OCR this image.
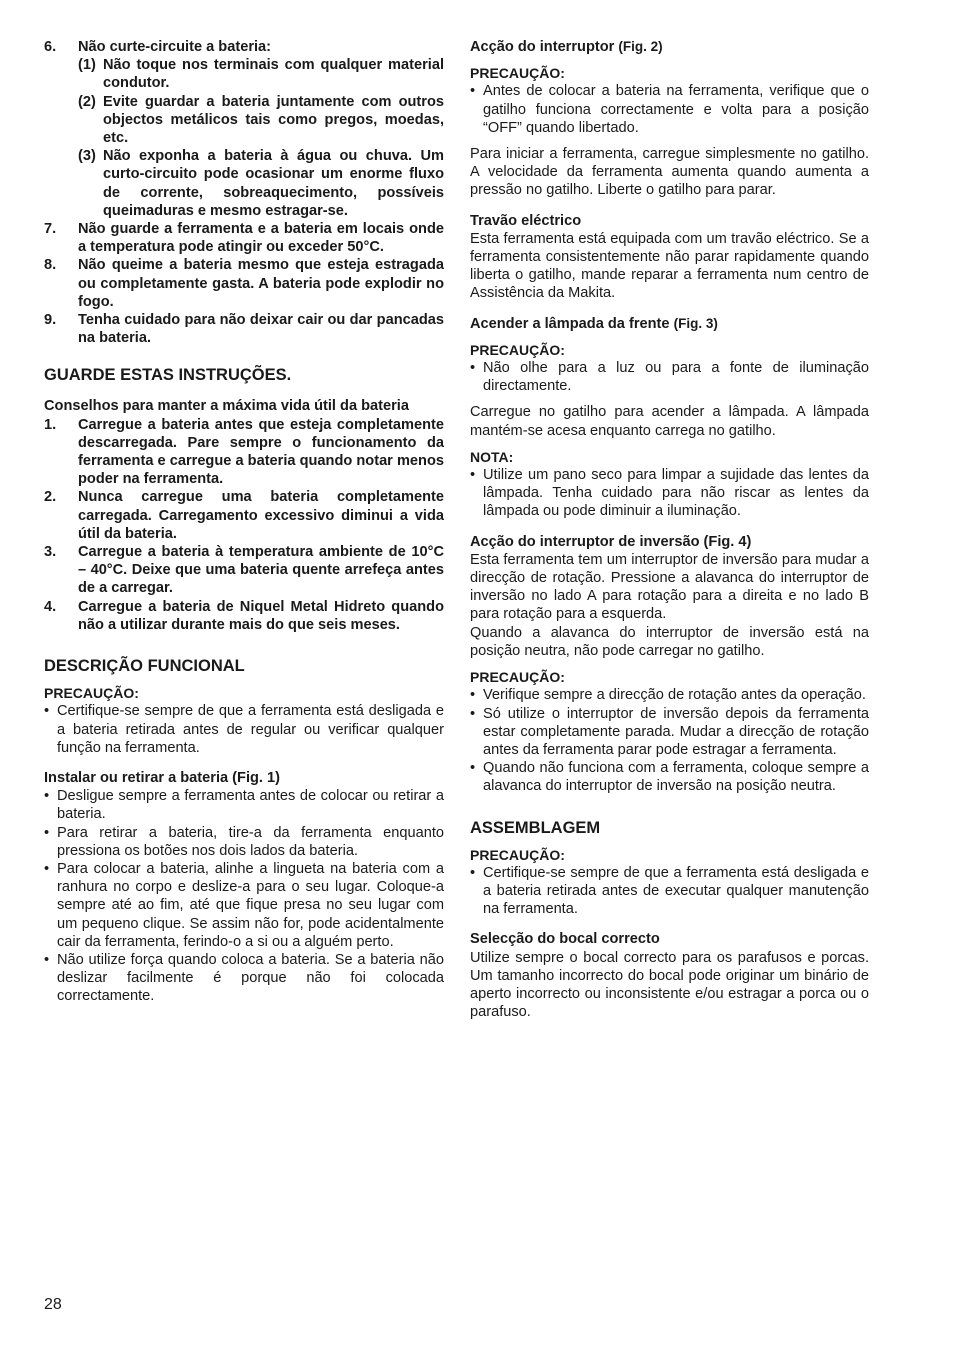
6.	Não curte-circuite a bateria:
(1) Não toque nos terminais com qualquer material condutor.
(2) Evite guardar a bateria juntamente com outros objectos metálicos tais como pregos, moedas, etc.
(3) Não exponha a bateria à água ou chuva. Um curto-circuito pode ocasionar um enorme fluxo de corrente, sobreaquecimento, possíveis queimaduras e mesmo estragar-se.
7.	Não guarde a ferramenta e a bateria em locais onde a temperatura pode atingir ou exceder 50°C.
8.	Não queime a bateria mesmo que esteja estragada ou completamente gasta. A bateria pode explodir no fogo.
9.	Tenha cuidado para não deixar cair ou dar pancadas na bateria.

GUARDE ESTAS INSTRUÇÕES.

Conselhos para manter a máxima vida útil da bateria

1.	Carregue a bateria antes que esteja completamente descarregada. Pare sempre o funcionamento da ferramenta e carregue a bateria quando notar menos poder na ferramenta.
2.	Nunca carregue uma bateria completamente carregada. Carregamento excessivo diminui a vida útil da bateria.
3.	Carregue a bateria à temperatura ambiente de 10°C – 40°C. Deixe que uma bateria quente arrefeça antes de a carregar.
4.	Carregue a bateria de Niquel Metal Hidreto quando não a utilizar durante mais do que seis meses.

DESCRIÇÃO FUNCIONAL

PRECAUÇÃO:

• Certifique-se sempre de que a ferramenta está desligada e a bateria retirada antes de regular ou verificar qualquer função na ferramenta.

Instalar ou retirar a bateria (Fig. 1)

• Desligue sempre a ferramenta antes de colocar ou retirar a bateria.
• Para retirar a bateria, tire-a da ferramenta enquanto pressiona os botões nos dois lados da bateria.
• Para colocar a bateria, alinhe a lingueta na bateria com a ranhura no corpo e deslize-a para o seu lugar. Coloque-a sempre até ao fim, até que fique presa no seu lugar com um pequeno clique. Se assim não for, pode acidentalmente cair da ferramenta, ferindo-o a si ou a alguém perto.
• Não utilize força quando coloca a bateria. Se a bateria não deslizar facilmente é porque não foi colocada correctamente.

Acção do interruptor (Fig. 2)

PRECAUÇÃO:

• Antes de colocar a bateria na ferramenta, verifique que o gatilho funciona correctamente e volta para a posição “OFF” quando libertado.

Para iniciar a ferramenta, carregue simplesmente no gatilho. A velocidade da ferramenta aumenta quando aumenta a pressão no gatilho. Liberte o gatilho para parar.

Travão eléctrico

Esta ferramenta está equipada com um travão eléctrico. Se a ferramenta consistentemente não parar rapidamente quando liberta o gatilho, mande reparar a ferramenta num centro de Assistência da Makita.

Acender a lâmpada da frente (Fig. 3)

PRECAUÇÃO:

• Não olhe para a luz ou para a fonte de iluminação directamente.

Carregue no gatilho para acender a lâmpada. A lâmpada mantém-se acesa enquanto carrega no gatilho.

NOTA:

• Utilize um pano seco para limpar a sujidade das lentes da lâmpada. Tenha cuidado para não riscar as lentes da lâmpada ou pode diminuir a iluminação.

Acção do interruptor de inversão (Fig. 4)

Esta ferramenta tem um interruptor de inversão para mudar a direcção de rotação. Pressione a alavanca do interruptor de inversão no lado A para rotação para a direita e no lado B para rotação para a esquerda.

Quando a alavanca do interruptor de inversão está na posição neutra, não pode carregar no gatilho.

PRECAUÇÃO:

• Verifique sempre a direcção de rotação antes da operação.
• Só utilize o interruptor de inversão depois da ferramenta estar completamente parada. Mudar a direcção de rotação antes da ferramenta parar pode estragar a ferramenta.
• Quando não funciona com a ferramenta, coloque sempre a alavanca do interruptor de inversão na posição neutra.

ASSEMBLAGEM

PRECAUÇÃO:

• Certifique-se sempre de que a ferramenta está desligada e a bateria retirada antes de executar qualquer manutenção na ferramenta.

Selecção do bocal correcto

Utilize sempre o bocal correcto para os parafusos e porcas. Um tamanho incorrecto do bocal pode originar um binário de aperto incorrecto ou inconsistente e/ou estragar a porca ou o parafuso.

28
